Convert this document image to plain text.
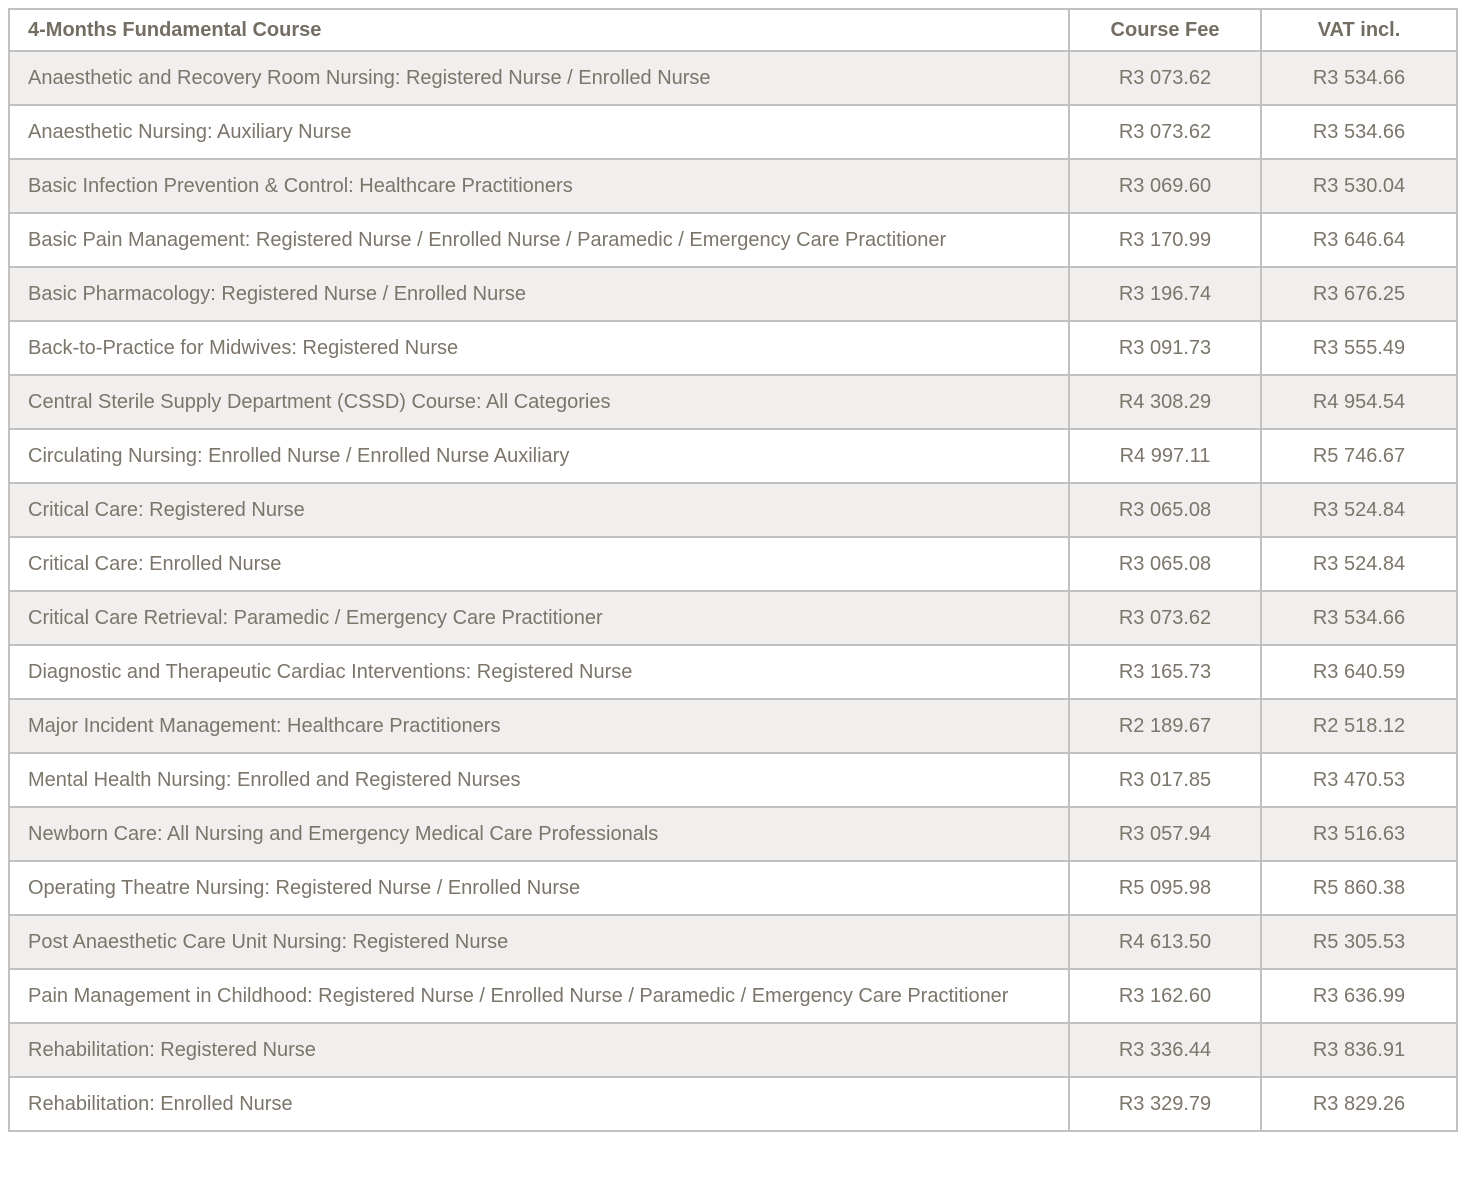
4-Months Fundamental Course	Course Fee	VAT incl.
Anaesthetic and Recovery Room Nursing: Registered Nurse / Enrolled Nurse	R3 073.62	R3 534.66
Anaesthetic Nursing: Auxiliary Nurse	R3 073.62	R3 534.66
Basic Infection Prevention & Control: Healthcare Practitioners	R3 069.60	R3 530.04
Basic Pain Management: Registered Nurse / Enrolled Nurse / Paramedic / Emergency Care Practitioner	R3 170.99	R3 646.64
Basic Pharmacology: Registered Nurse / Enrolled Nurse	R3 196.74	R3 676.25
Back-to-Practice for Midwives: Registered Nurse	R3 091.73	R3 555.49
Central Sterile Supply Department (CSSD) Course: All Categories	R4 308.29	R4 954.54
Circulating Nursing: Enrolled Nurse / Enrolled Nurse Auxiliary	R4 997.11	R5 746.67
Critical Care: Registered Nurse	R3 065.08	R3 524.84
Critical Care: Enrolled Nurse	R3 065.08	R3 524.84
Critical Care Retrieval: Paramedic / Emergency Care Practitioner	R3 073.62	R3 534.66
Diagnostic and Therapeutic Cardiac Interventions: Registered Nurse	R3 165.73	R3 640.59
Major Incident Management: Healthcare Practitioners	R2 189.67	R2 518.12
Mental Health Nursing: Enrolled and Registered Nurses	R3 017.85	R3 470.53
Newborn Care: All Nursing and Emergency Medical Care Professionals	R3 057.94	R3 516.63
Operating Theatre Nursing: Registered Nurse / Enrolled Nurse	R5 095.98	R5 860.38
Post Anaesthetic Care Unit Nursing: Registered Nurse	R4 613.50	R5 305.53
Pain Management in Childhood: Registered Nurse / Enrolled Nurse / Paramedic / Emergency Care Practitioner	R3 162.60	R3 636.99
Rehabilitation: Registered Nurse	R3 336.44	R3 836.91
Rehabilitation: Enrolled Nurse	R3 329.79	R3 829.26
